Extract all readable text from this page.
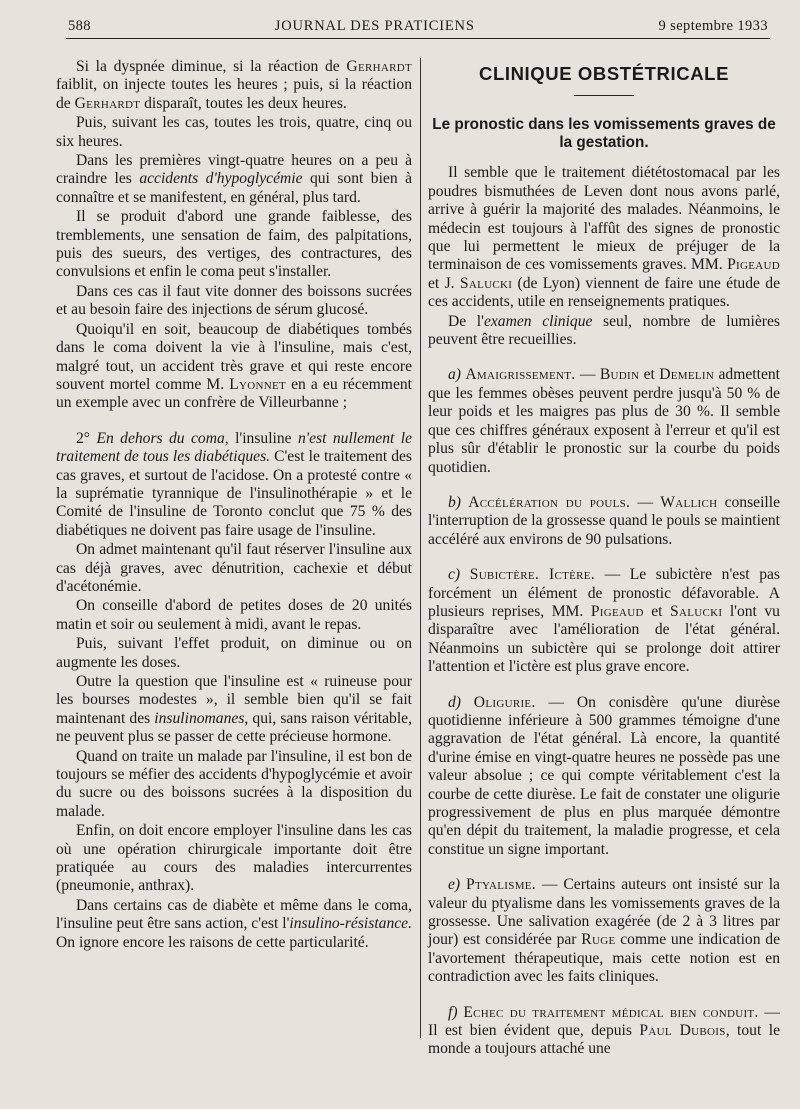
588	JOURNAL DES PRATICIENS	9 septembre 1933

Si la dyspnée diminue, si la réaction de Gerhardt faiblit, on injecte toutes les heures ; puis, si la réaction de Gerhardt disparaît, toutes les deux heures.

Puis, suivant les cas, toutes les trois, quatre, cinq ou six heures.

Dans les premières vingt-quatre heures on a peu à craindre les accidents d'hypoglycémie qui sont bien à connaître et se manifestent, en général, plus tard.

Il se produit d'abord une grande faiblesse, des tremblements, une sensation de faim, des palpitations, puis des sueurs, des vertiges, des contractures, des convulsions et enfin le coma peut s'installer.

Dans ces cas il faut vite donner des boissons sucrées et au besoin faire des injections de sérum glucosé.

Quoiqu'il en soit, beaucoup de diabétiques tombés dans le coma doivent la vie à l'insuline, mais c'est, malgré tout, un accident très grave et qui reste encore souvent mortel comme M. Lyonnet en a eu récemment un exemple avec un confrère de Villeurbanne ;

2° En dehors du coma, l'insuline n'est nullement le traitement de tous les diabétiques. C'est le traitement des cas graves, et surtout de l'acidose. On a protesté contre « la suprématie tyrannique de l'insulinothérapie » et le Comité de l'insuline de Toronto conclut que 75 % des diabétiques ne doivent pas faire usage de l'insuline.

On admet maintenant qu'il faut réserver l'insuline aux cas déjà graves, avec dénutrition, cachexie et début d'acétonémie.

On conseille d'abord de petites doses de 20 unités matin et soir ou seulement à midi, avant le repas.

Puis, suivant l'effet produit, on diminue ou on augmente les doses.

Outre la question que l'insuline est « ruineuse pour les bourses modestes », il semble bien qu'il se fait maintenant des insulinomanes, qui, sans raison véritable, ne peuvent plus se passer de cette précieuse hormone.

Quand on traite un malade par l'insuline, il est bon de toujours se méfier des accidents d'hypoglycémie et avoir du sucre ou des boissons sucrées à la disposition du malade.

Enfin, on doit encore employer l'insuline dans les cas où une opération chirurgicale importante doit être pratiquée au cours des maladies intercurrentes (pneumonie, anthrax).

Dans certains cas de diabète et même dans le coma, l'insuline peut être sans action, c'est l'insulino-résistance. On ignore encore les raisons de cette particularité.

CLINIQUE OBSTÉTRICALE
Le pronostic dans les vomissements graves de la gestation.

Il semble que le traitement diététostomacal par les poudres bismuthées de Leven dont nous avons parlé, arrive à guérir la majorité des malades. Néanmoins, le médecin est toujours à l'affût des signes de pronostic que lui permettent le mieux de préjuger de la terminaison de ces vomissements graves. MM. Pigeaud et J. Salucki (de Lyon) viennent de faire une étude de ces accidents, utile en renseignements pratiques.

De l'examen clinique seul, nombre de lumières peuvent être recueillies.

a) Amaigrissement. — Budin et Demelin admettent que les femmes obèses peuvent perdre jusqu'à 50 % de leur poids et les maigres pas plus de 30 %. Il semble que ces chiffres généraux exposent à l'erreur et qu'il est plus sûr d'établir le pronostic sur la courbe du poids quotidien.

b) Accélération du pouls. — Wallich conseille l'interruption de la grossesse quand le pouls se maintient accéléré aux environs de 90 pulsations.

c) Subictère. Ictère. — Le subictère n'est pas forcément un élément de pronostic défavorable. A plusieurs reprises, MM. Pigeaud et Salucki l'ont vu disparaître avec l'amélioration de l'état général. Néanmoins un subictère qui se prolonge doit attirer l'attention et l'ictère est plus grave encore.

d) Oligurie. — On conisdère qu'une diurèse quotidienne inférieure à 500 grammes témoigne d'une aggravation de l'état général. Là encore, la quantité d'urine émise en vingt-quatre heures ne possède pas une valeur absolue ; ce qui compte véritablement c'est la courbe de cette diurèse. Le fait de constater une oligurie progressivement de plus en plus marquée démontre qu'en dépit du traitement, la maladie progresse, et cela constitue un signe important.

e) Ptyalisme. — Certains auteurs ont insisté sur la valeur du ptyalisme dans les vomissements graves de la grossesse. Une salivation exagérée (de 2 à 3 litres par jour) est considérée par Ruge comme une indication de l'avortement thérapeutique, mais cette notion est en contradiction avec les faits cliniques.

f) Echec du traitement médical bien conduit. — Il est bien évident que, depuis Paul Dubois, tout le monde a toujours attaché une
